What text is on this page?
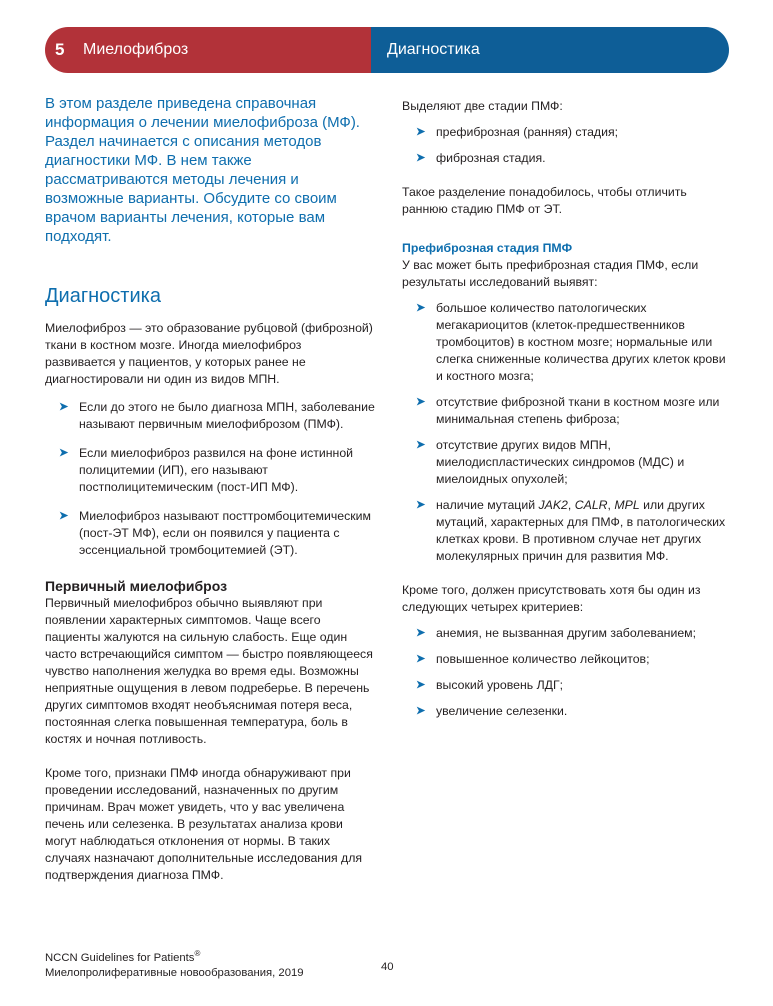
5	Миелофиброз	Диагностика

В этом разделе приведена справочная информация о лечении миелофиброза (МФ). Раздел начинается с описания методов диагностики МФ. В нем также рассматриваются методы лечения и возможные варианты. Обсудите со своим врачом варианты лечения, которые вам подходят.

Диагностика

Миелофиброз — это образование рубцовой (фиброзной) ткани в костном мозге. Иногда миелофиброз развивается у пациентов, у которых ранее не диагностировали ни один из видов МПН.

➤ Если до этого не было диагноза МПН, заболевание называют первичным миелофиброзом (ПМФ).
➤ Если миелофиброз развился на фоне истинной полицитемии (ИП), его называют постполицитемическим (пост-ИП МФ).
➤ Миелофиброз называют посттромбоцитемическим (пост-ЭТ МФ), если он появился у пациента с эссенциальной тромбоцитемией (ЭТ).
Первичный миелофиброз

Первичный миелофиброз обычно выявляют при появлении характерных симптомов. Чаще всего пациенты жалуются на сильную слабость. Еще один часто встречающийся симптом — быстро появляющееся чувство наполнения желудка во время еды. Возможны неприятные ощущения в левом подреберье. В перечень других симптомов входят необъяснимая потеря веса, постоянная слегка повышенная температура, боль в костях и ночная потливость.

Кроме того, признаки ПМФ иногда обнаруживают при проведении исследований, назначенных по другим причинам. Врач может увидеть, что у вас увеличена печень или селезенка. В результатах анализа крови могут наблюдаться отклонения от нормы. В таких случаях назначают дополнительные исследования для подтверждения диагноза ПМФ.

Выделяют две стадии ПМФ:

➤ префиброзная (ранняя) стадия;
➤ фиброзная стадия.

Такое разделение понадобилось, чтобы отличить раннюю стадию ПМФ от ЭТ.

Префиброзная стадия ПМФ

У вас может быть префиброзная стадия ПМФ, если результаты исследований выявят:

➤ большое количество патологических мегакариоцитов (клеток-предшественников тромбоцитов) в костном мозге; нормальные или слегка сниженные количества других клеток крови и костного мозга;
➤ отсутствие фиброзной ткани в костном мозге или минимальная степень фиброза;
➤ отсутствие других видов МПН, миелодиспластических синдромов (МДС) и миелоидных опухолей;
➤ наличие мутаций JAK2, CALR, MPL или других мутаций, характерных для ПМФ, в патологических клетках крови. В противном случае нет других молекулярных причин для развития МФ.

Кроме того, должен присутствовать хотя бы один из следующих четырех критериев:

➤ анемия, не вызванная другим заболеванием;
➤ повышенное количество лейкоцитов;
➤ высокий уровень ЛДГ;
➤ увеличение селезенки.
NCCN Guidelines for Patients®
Миелопролиферативные новообразования, 2019	40
